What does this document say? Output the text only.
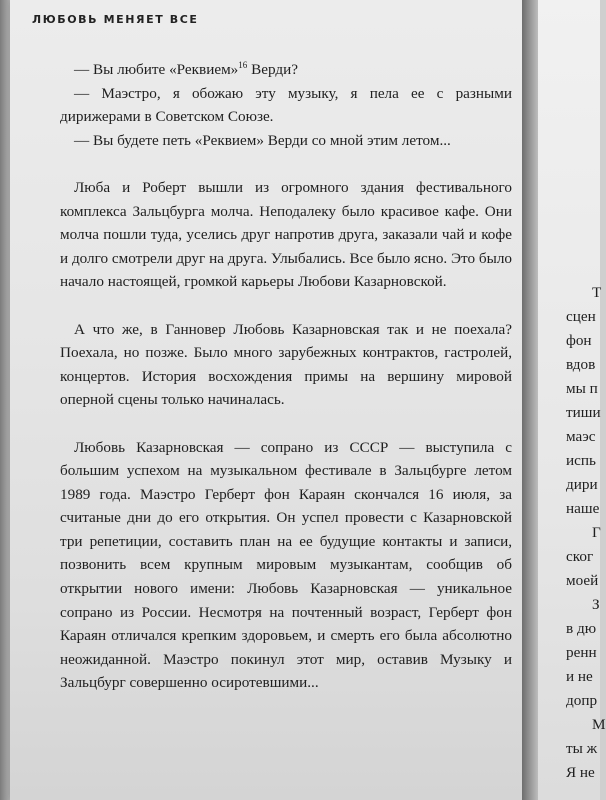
ЛЮБОВЬ МЕНЯЕТ ВСЕ

— Вы любите «Реквием»$^{16}$ Верди?

— Маэстро, я обожаю эту музыку, я пела ее с разными дирижерами в Советском Союзе.

— Вы будете петь «Реквием» Верди со мной этим летом...

Люба и Роберт вышли из огромного здания фестивального комплекса Зальцбурга молча. Неподалеку было красивое кафе. Они молча пошли туда, уселись друг напротив друга, заказали чай и кофе и долго смотрели друг на друга. Улыбались. Все было ясно. Это было начало настоящей, громкой карьеры Любови Казарновской.

А что же, в Ганновер Любовь Казарновская так и не поехала? Поехала, но позже. Было много зарубежных контрактов, гастролей, концертов. История восхождения примы на вершину мировой оперной сцены только начиналась.

Любовь Казарновская — сопрано из СССР — выступила с большим успехом на музыкальном фестивале в Зальцбурге летом 1989 года. Маэстро Герберт фон Караян скончался 16 июля, за считаные дни до его открытия. Он успел провести с Казарновской три репетиции, составить план на ее будущие контакты и записи, позвонить всем крупным мировым музыкантам, сообщив об открытии нового имени: Любовь Казарновская — уникальное сопрано из России. Несмотря на почтенный возраст, Герберт фон Караян отличался крепким здоровьем, и смерть его была абсолютно неожиданной. Маэстро покинул этот мир, оставив Музыку и Зальцбург совершенно осиротевшими...

Т
сцен
фон
вдов
мы п
тиши
маэс
испь
дири
наше
Г
ског
моей
З
в дю
ренн
и не
допр
М
ты ж
Я не
